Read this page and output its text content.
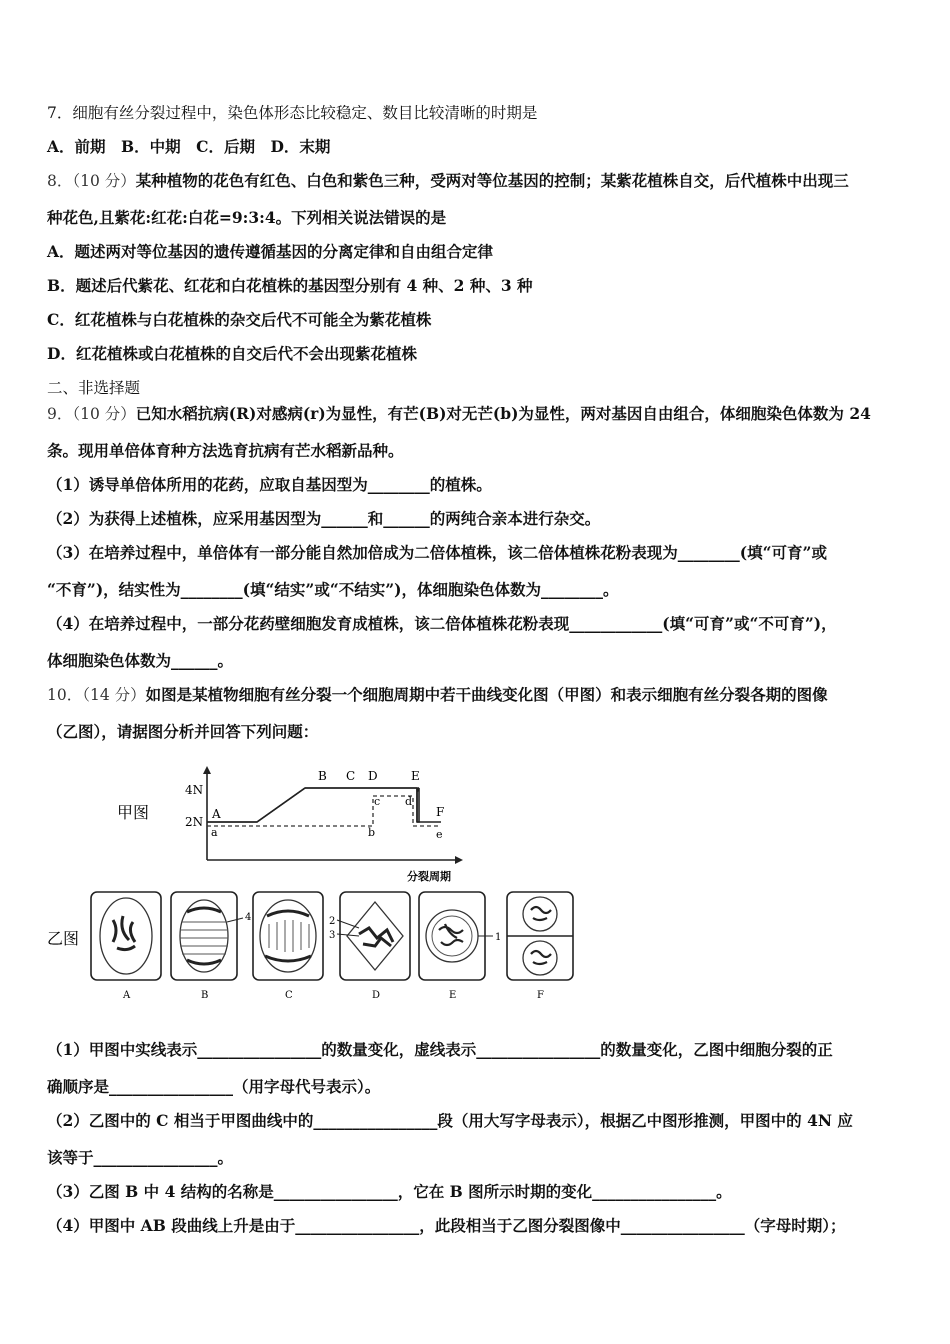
7．细胞有丝分裂过程中，染色体形态比较稳定、数目比较清晰的时期是
A．前期　B．中期　C．后期　D．末期
8．（10 分）某种植物的花色有红色、白色和紫色三种，受两对等位基因的控制；某紫花植株自交，后代植株中出现三
种花色,且紫花:红花:白花=9:3:4。下列相关说法错误的是
A．题述两对等位基因的遗传遵循基因的分离定律和自由组合定律
B．题述后代紫花、红花和白花植株的基因型分别有 4 种、2 种、3 种
C．红花植株与白花植株的杂交后代不可能全为紫花植株
D．红花植株或白花植株的自交后代不会出现紫花植株
二、非选择题
9．（10 分）已知水稻抗病(R)对感病(r)为显性，有芒(B)对无芒(b)为显性，两对基因自由组合，体细胞染色体数为 24
条。现用单倍体育种方法选育抗病有芒水稻新品种。
（1）诱导单倍体所用的花药，应取自基因型为________的植株。
（2）为获得上述植株，应采用基因型为______和______的两纯合亲本进行杂交。
（3）在培养过程中，单倍体有一部分能自然加倍成为二倍体植株，该二倍体植株花粉表现为________(填“可育”或
“不育”)，结实性为________(填“结实”或“不结实”)，体细胞染色体数为________。
（4）在培养过程中，一部分花药壁细胞发育成植株，该二倍体植株花粉表现____________(填“可育”或“不可育”)，
体细胞染色体数为______。
10．（14 分）如图是某植物细胞有丝分裂一个细胞周期中若干曲线变化图（甲图）和表示细胞有丝分裂各期的图像
（乙图），请据图分析并回答下列问题：
甲图
4N
2N
分裂周期
A
B C D	E
F
a	b
c d
e
乙图
A
4
B	C
2
3
D
1
E	F
（1）甲图中实线表示________________的数量变化，虚线表示________________的数量变化，乙图中细胞分裂的正
确顺序是________________（用字母代号表示）。
（2）乙图中的 C 相当于甲图曲线中的________________段（用大写字母表示），根据乙中图形推测，甲图中的 4N 应
该等于________________。
（3）乙图 B 中 4 结构的名称是________________，它在 B 图所示时期的变化________________。
（4）甲图中 AB 段曲线上升是由于________________，此段相当于乙图分裂图像中________________（字母时期）；
